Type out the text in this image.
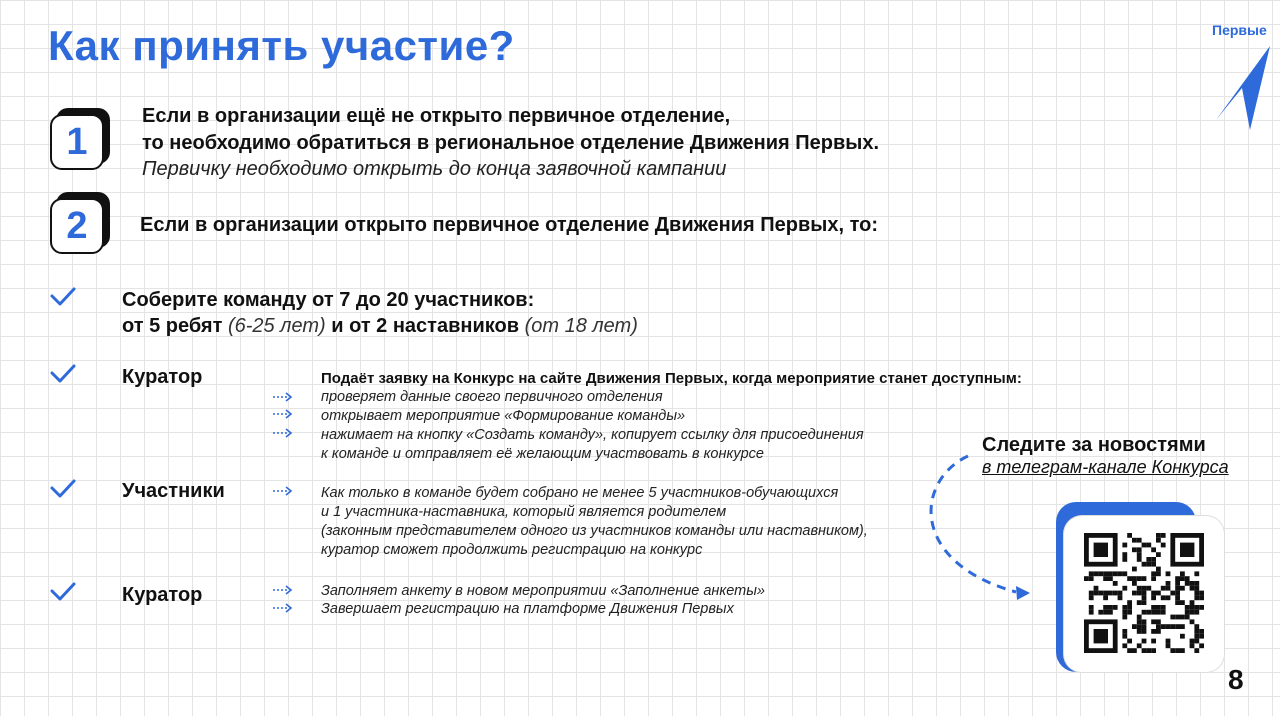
Как принять участие?	Первые
1
Если в организации ещё не открыто первичное отделение,
то необходимо обратиться в региональное отделение Движения Первых.
Первичку необходимо открыть до конца заявочной кампании
2	Если в организации открыто первичное отделение Движения Первых, то:
Соберите команду от 7 до 20 участников:
от 5 ребят (6-25 лет) и от 2 наставников (от 18 лет)
Куратор	Подаёт заявку на Конкурс на сайте Движения Первых, когда мероприятие станет доступным:
проверяет данные своего первичного отделения
открывает мероприятие «Формирование команды»
нажимает на кнопку «Создать команду», копирует ссылку для присоединения
к команде и отправляет её желающим участвовать в конкурсе
Участники	Как только в команде будет собрано не менее 5 участников-обучающихся
и 1 участника-наставника, который является родителем
(законным представителем одного из участников команды или наставником),
куратор сможет продолжить регистрацию на конкурс
Куратор	Заполняет анкету в новом мероприятии «Заполнение анкеты»
Завершает регистрацию на платформе Движения Первых
Следите за новостями
в телеграм-канале Конкурса
8
